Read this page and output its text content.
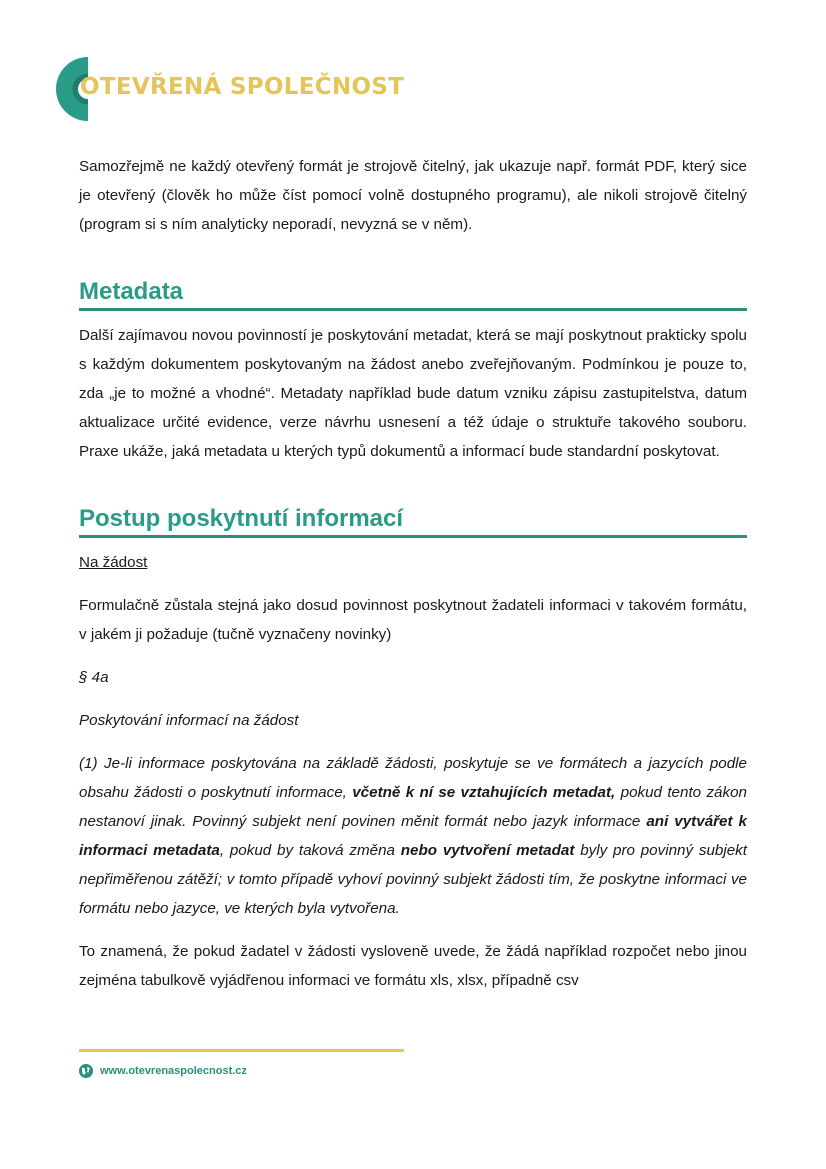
OTEVŘENÁ SPOLEČNOST

Samozřejmě ne každý otevřený formát je strojově čitelný, jak ukazuje např. formát PDF, který sice je otevřený (člověk ho může číst pomocí volně dostupného programu), ale nikoli strojově čitelný (program si s ním analyticky neporadí, nevyzná se v něm).

Metadata

Další zajímavou novou povinností je poskytování metadat, která se mají poskytnout prakticky spolu s každým dokumentem poskytovaným na žádost anebo zveřejňovaným. Podmínkou je pouze to, zda „je to možné a vhodné“. Metadaty například bude datum vzniku zápisu zastupitelstva, datum aktualizace určité evidence, verze návrhu usnesení a též údaje o struktuře takového souboru. Praxe ukáže, jaká metadata u kterých typů dokumentů a informací bude standardní poskytovat.

Postup poskytnutí informací

Na žádost

Formulačně zůstala stejná jako dosud povinnost poskytnout žadateli informaci v takovém formátu, v jakém ji požaduje (tučně vyznačeny novinky)

§ 4a

Poskytování informací na žádost

(1) Je-li informace poskytována na základě žádosti, poskytuje se ve formátech a jazycích podle obsahu žádosti o poskytnutí informace, včetně k ní se vztahujících metadat, pokud tento zákon nestanoví jinak. Povinný subjekt není povinen měnit formát nebo jazyk informace ani vytvářet k informaci metadata, pokud by taková změna nebo vytvoření metadat byly pro povinný subjekt nepřiměřenou zátěží; v tomto případě vyhoví povinný subjekt žádosti tím, že poskytne informaci ve formátu nebo jazyce, ve kterých byla vytvořena.

To znamená, že pokud žadatel v žádosti vysloveně uvede, že žádá například rozpočet nebo jinou zejména tabulkově vyjádřenou informaci ve formátu xls, xlsx, případně csv

www.otevrenaspolecnost.cz
